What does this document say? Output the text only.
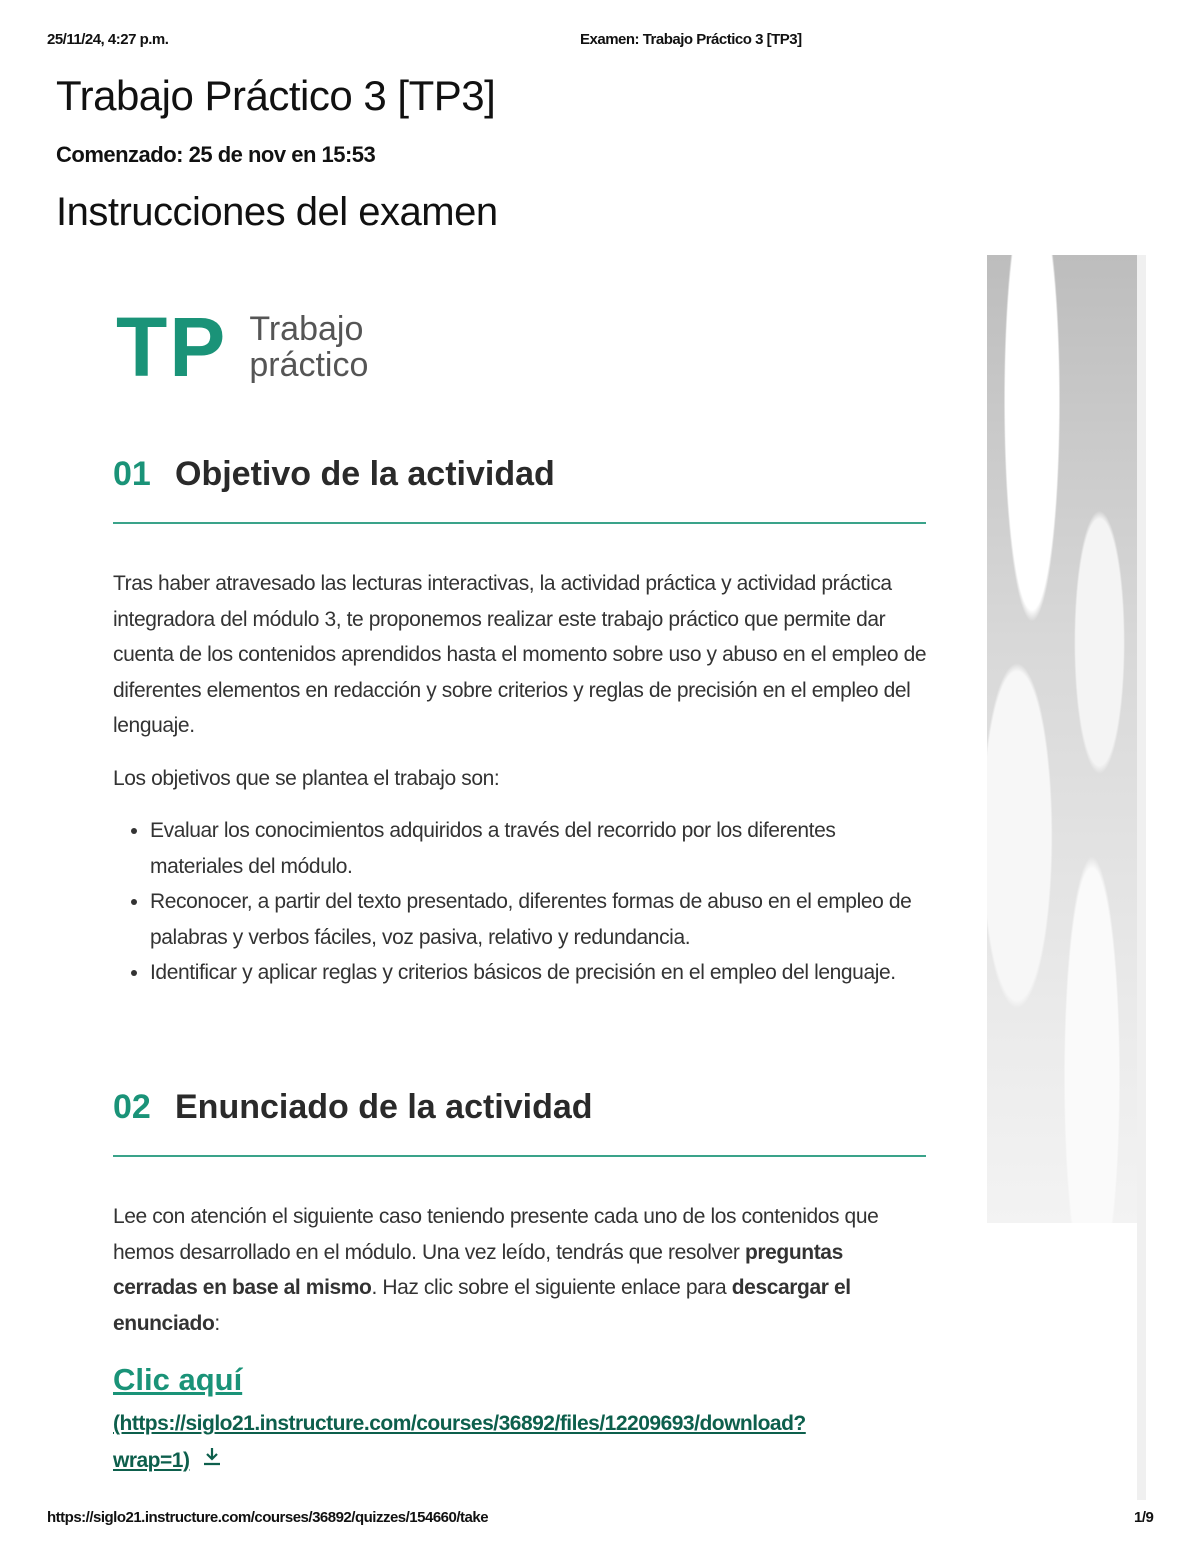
25/11/24, 4:27 p.m.	Examen: Trabajo Práctico 3 [TP3]
Trabajo Práctico 3 [TP3]
Comenzado: 25 de nov en 15:53
Instrucciones del examen
TP Trabajo
práctico
01 Objetivo de la actividad

Tras haber atravesado las lecturas interactivas, la actividad práctica y actividad práctica integradora del módulo 3, te proponemos realizar este trabajo práctico que permite dar cuenta de los contenidos aprendidos hasta el momento sobre uso y abuso en el empleo de diferentes elementos en redacción y sobre criterios y reglas de precisión en el empleo del lenguaje.

Los objetivos que se plantea el trabajo son:

• Evaluar los conocimientos adquiridos a través del recorrido por los diferentes materiales del módulo.
• Reconocer, a partir del texto presentado, diferentes formas de abuso en el empleo de palabras y verbos fáciles, voz pasiva, relativo y redundancia.
• Identificar y aplicar reglas y criterios básicos de precisión en el empleo del lenguaje.
02 Enunciado de la actividad

Lee con atención el siguiente caso teniendo presente cada uno de los contenidos que hemos desarrollado en el módulo. Una vez leído, tendrás que resolver preguntas cerradas en base al mismo. Haz clic sobre el siguiente enlace para descargar el enunciado:

Clic aquí
(https://siglo21.instructure.com/courses/36892/files/12209693/download?wrap=1)
https://siglo21.instructure.com/courses/36892/quizzes/154660/take	1/9
